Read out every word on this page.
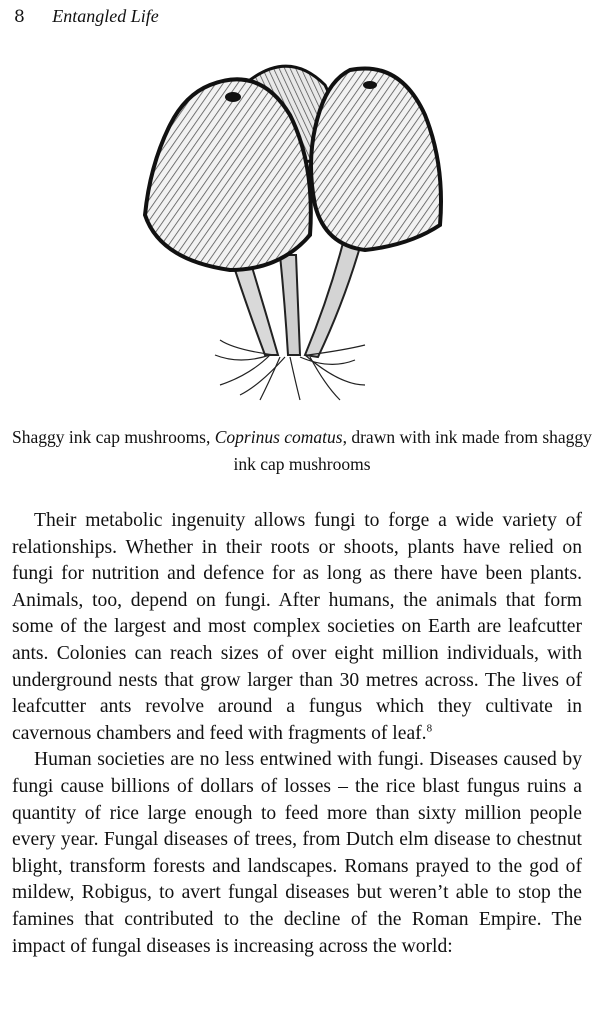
8 Entangled Life
Shaggy ink cap mushrooms, Coprinus comatus, drawn with ink made from shaggy ink cap mushrooms

Their metabolic ingenuity allows fungi to forge a wide variety of relationships. Whether in their roots or shoots, plants have relied on fungi for nutrition and defence for as long as there have been plants. Animals, too, depend on fungi. After humans, the animals that form some of the largest and most complex societies on Earth are leafcutter ants. Colonies can reach sizes of over eight million individuals, with underground nests that grow larger than 30 metres across. The lives of leafcutter ants revolve around a fungus which they cultivate in cavernous chambers and feed with fragments of leaf.$^8$

Human societies are no less entwined with fungi. Diseases caused by fungi cause billions of dollars of losses – the rice blast fungus ruins a quantity of rice large enough to feed more than sixty million people every year. Fungal diseases of trees, from Dutch elm disease to chestnut blight, transform forests and landscapes. Romans prayed to the god of mildew, Robigus, to avert fungal diseases but weren’t able to stop the famines that contributed to the decline of the Roman Empire. The impact of fungal diseases is increasing across the world:
